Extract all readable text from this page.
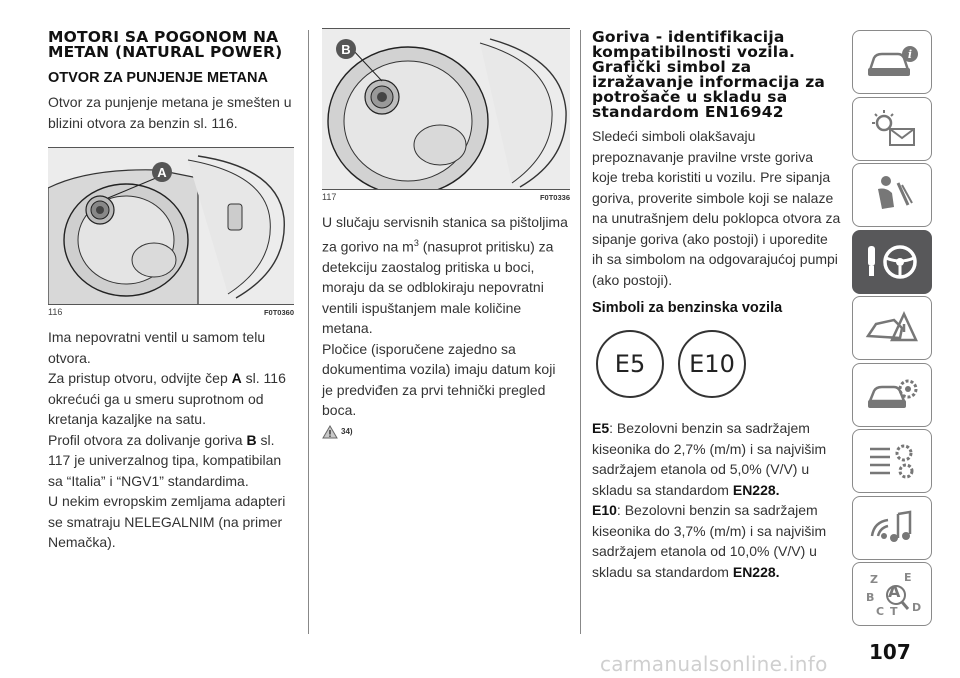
MOTORI SA POGONOM NA METAN (NATURAL POWER)
OTVOR ZA PUNJENJE METANA

Otvor za punjenje metana je smešten u blizini otvora za benzin sl. 116.

A
116	F0T0360

Ima nepovratni ventil u samom telu otvora.

Za pristup otvoru, odvijte čep A sl. 116 okrećući ga u smeru suprotnom od kretanja kazaljke na satu.

Profil otvora za dolivanje goriva B sl. 117 je univerzalnog tipa, kompatibilan sa “Italia” i “NGV1” standardima.

U nekim evropskim zemljama adapteri se smatraju NELEGALNIM (na primer Nemačka).

B
117	F0T0336

U slučaju servisnih stanica sa pištoljima za gorivo na $m^3$ (nasuprot pritisku) za detekciju zaostalog pritiska u boci, moraju da se odblokiraju nepovratni ventili ispuštanjem male količine metana.

Pločice (isporučene zajedno sa dokumentima vozila) imaju datum koji je predviđen za prvi tehnički pregled boca.

34)
Goriva - identifikacija kompatibilnosti vozila. Grafički simbol za izražavanje informacija za potrošače u skladu sa standardom EN16942

Sledeći simboli olakšavaju prepoznavanje pravilne vrste goriva koje treba koristiti u vozilu. Pre sipanja goriva, proverite simbole koji se nalaze na unutrašnjem delu poklopca otvora za sipanje goriva (ako postoji) i uporedite ih sa simbolom na odgovarajućoj pumpi (ako postoji).

Simboli za benzinska vozila
E5	E10

E5: Bezolovni benzin sa sadržajem kiseonika do 2,7% (m/m) i sa najvišim sadržajem etanola od 5,0% (V/V) u skladu sa standardom EN228.

E10: Bezolovni benzin sa sadržajem kiseonika do 3,7% (m/m) i sa najvišim sadržajem etanola od 10,0% (V/V) u skladu sa standardom EN228.

i
Z E
A
B
C	D
T
107
carmanualsonline.info
